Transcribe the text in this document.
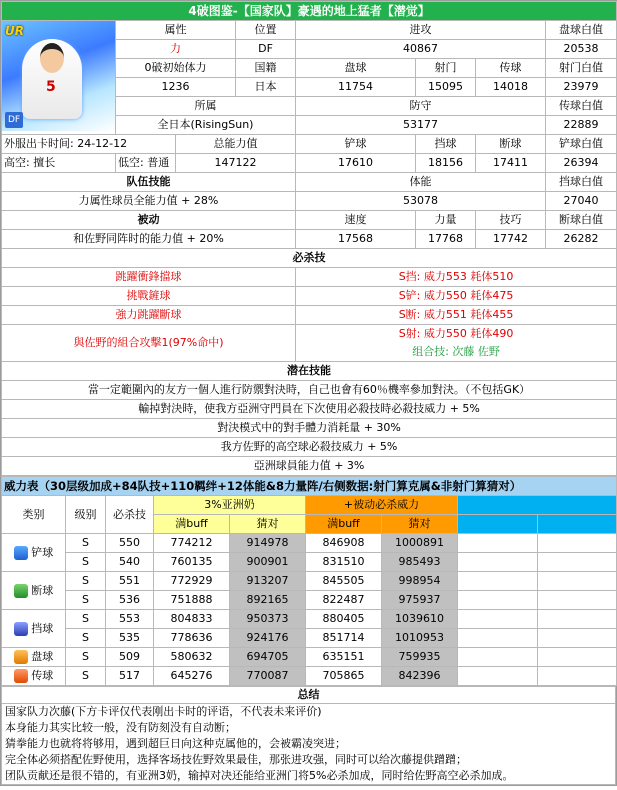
4破图鉴-【国家队】豪遇的地上猛者【潜觉】							

UR
5
DF	属性		位置	进攻			盘球白值
	力		DF	40867			20538
	0破初始体力		国籍	盘球	射门	传球	射门白值
	1236		日本	11754	15095	14018	23979
	所属			防守			传球白值
	全日本(RisingSun)			53177			22889
外服出卡时间: 24-12-12		总能力值		铲球	挡球	断球	铲球白值
高空: 擅长	低空: 普通	147122		17610	18156	17411	26394
队伍技能				体能			挡球白值
力属性球员全能力值 + 28%				53078			27040
被动				速度	力量	技巧	断球白值
和佐野同阵时的能力值 + 20%				17568	17768	17742	26282
必杀技							
跳躍衝鋒擋球				S挡: 威力553 耗体510			
挑戰鏟球				S铲: 威力550 耗体475			
強力跳躍斷球				S断: 威力551 耗体455			
與佐野的組合攻擊1(97%命中)				S射: 威力550 耗体490			
				组合技: 次藤 佐野			
潜在技能							
當一定範圍內的友方一個人進行防禦對決時，自己也會有60％機率參加對決。（不包括GK）							
輸掉對決時，使我方亞洲守門員在下次使用必殺技時必殺技威力 + 5%							
對決模式中的對手體力消耗量 + 30%							
我方佐野的高空球必殺技威力 + 5%							
亞洲球員能力值 + 3%							
威力表（30层级加成+84队技+110羁绊+12体能&8力量阵/右侧数据:射门算克属&非射门算猜对）								
类别	级别	必杀技	3%亚洲奶		+被动必杀威力			
			满buff	猜对	满buff	猜对		
铲球	S	550	774212	914978	846908	1000891		
	S	540	760135	900901	831510	985493		
断球	S	551	772929	913207	845505	998954		
	S	536	751888	892165	822487	975937		
挡球	S	553	804833	950373	880405	1039610		
	S	535	778636	924176	851714	1010953		
盘球	S	509	580632	694705	635151	759935		
传球	S	517	645276	770087	705865	842396		
总结
国家队力次藤(下方卡评仅代表刚出卡时的评语，不代表未来评价)
本身能力其实比较一般，没有防刻没有自动断；
猜拳能力也就将将够用，遇到超巨日向这种克属他的，会被霸凌突进；
完全体必须搭配佐野使用，选择客场技佐野效果最佳，那张进攻强，同时可以给次藤提供蹭蹭；
团队贡献还是很不错的，有亚洲3奶，输掉对决还能给亚洲门将5%必杀加成，同时给佐野高空必杀加成。
